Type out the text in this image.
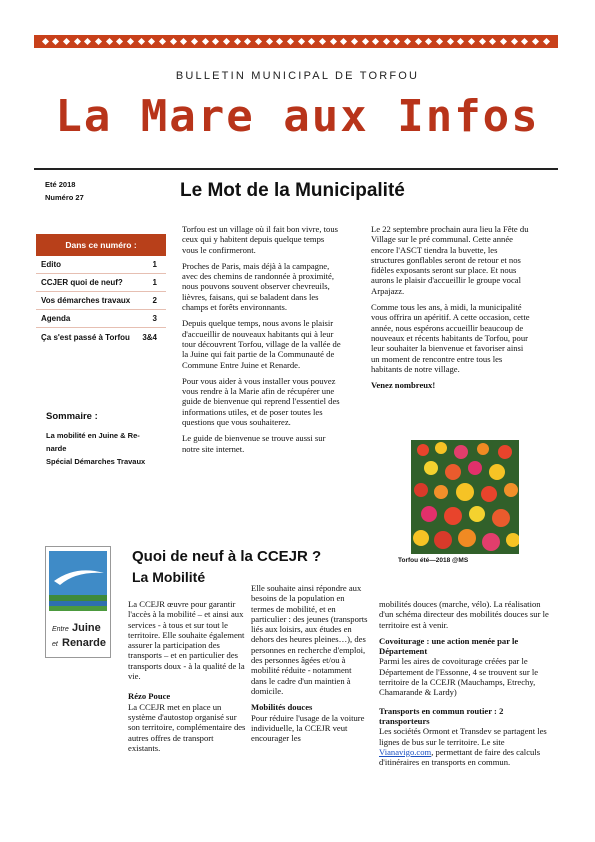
BULLETIN MUNICIPAL DE TORFOU
La Mare aux Infos
Eté 2018
Numéro 27	Le Mot de la Municipalité
Dans ce numéro :
Edito	1
CCJER quoi de neuf?	1
Vos démarches travaux	2
Agenda	3
Ça s'est passé à Torfou 3&4
Sommaire :
La mobilité en Juine & Re-
narde
Spécial Démarches Travaux

Torfou est un village où il fait bon vivre, tous ceux qui y habitent depuis quelque temps vous le confirmeront.

Proches de Paris, mais déjà à la campagne, avec des chemins de randonnée à proximité, nous pouvons souvent observer chevreuils, lièvres, faisans, qui se baladent dans les champs et forêts environnants.

Depuis quelque temps, nous avons le plaisir d'accueillir de nouveaux habitants qui à leur tour découvrent Torfou, village de la vallée de la Juine qui fait partie de la Communauté de Commune Entre Juine et Renarde.

Pour vous aider à vous installer vous pouvez vous rendre à la Marie afin de récupérer une guide de bienvenue qui reprend l'essentiel des informations utiles, et de poser toutes les questions que vous souhaiterez.

Le guide de bienvenue se trouve aussi sur notre site internet.

Le 22 septembre prochain aura lieu la Fête du Village sur le pré communal. Cette année encore l'ASCT tiendra la buvette, les structures gonflables seront de retour et nos fidèles exposants seront sur place. Et nous aurons le plaisir d'accueillir le groupe vocal Arpajazz.

Comme tous les ans, à midi, la municipalité vous offrira un apéritif. A cette occasion, cette année, nous espérons accueillir beaucoup de nouveaux et récents habitants de Torfou, pour leur souhaiter la bienvenue et favoriser ainsi un moment de rencontre entre tous les habitants de notre village.

Venez nombreux!

Torfou été—2018 @MS
Entre Juine
et Renarde
Quoi de neuf à la CCEJR ?
La Mobilité

La CCEJR œuvre pour garantir l'accès à la mobilité – et ainsi aux services - à tous et sur tout le territoire. Elle souhaite également assurer la participation des transports – et en particulier des transports doux - à la qualité de la vie.

Rézo Pouce

La CCEJR met en place un système d'autostop organisé sur son territoire, complémentaire des autres offres de transport existants.

Elle souhaite ainsi répondre aux besoins de la population en termes de mobilité, et en particulier : des jeunes (transports liés aux loisirs, aux études en dehors des heures pleines…), des personnes en recherche d'emploi, des personnes âgées et/ou à mobilité réduite - notamment dans le cadre d'un maintien à domicile.

Mobilités douces

Pour réduire l'usage de la voiture individuelle, la CCEJR veut encourager les

mobilités douces (marche, vélo). La réalisation d'un schéma directeur des mobilités douces sur le territoire est à venir.

Covoiturage : une action menée par le Département

Parmi les aires de covoiturage créées par le Département de l'Essonne, 4 se trouvent sur le territoire de la CCEJR (Mauchamps, Etrechy, Chamarande & Lardy)

Transports en commun routier : 2 transporteurs

Les sociétés Ormont et Transdev se partagent les lignes de bus sur le territoire. Le site Vianavigo.com, permettant de faire des calculs d'itinéraires en transports en commun.
